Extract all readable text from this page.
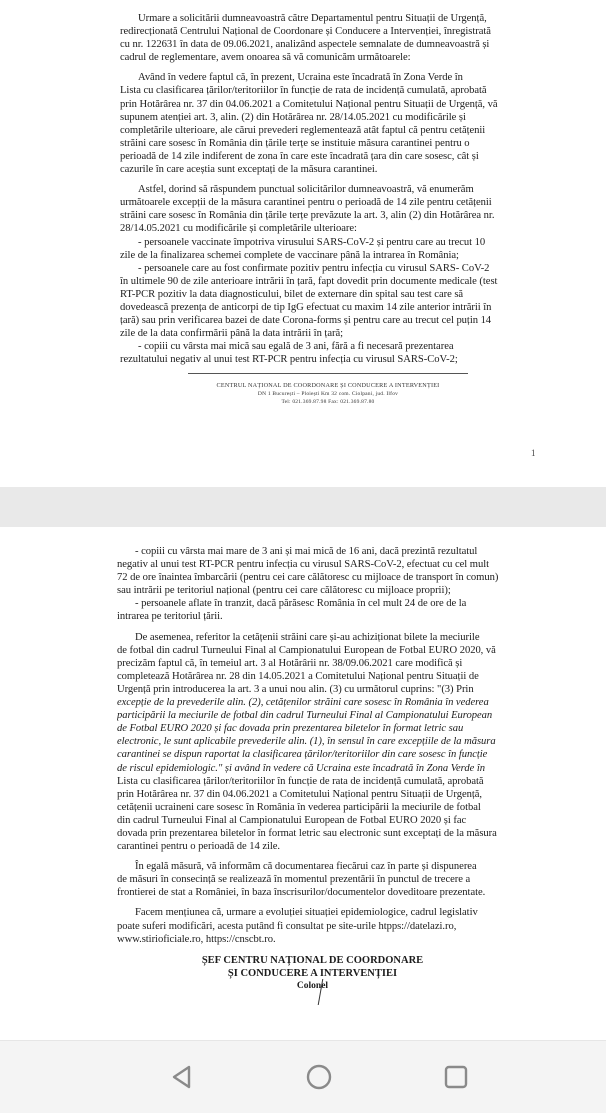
Urmare a solicitării dumneavoastră către Departamentul pentru Situații de Urgență,
redirecționată Centrului Național de Coordonare și Conducere a Intervenției, înregistrată
cu nr. 122631 în data de 09.06.2021, analizând aspectele semnalate de dumneavoastră și
cadrul de reglementare, avem onoarea să vă comunicăm următoarele:
Având în vedere faptul că, în prezent, Ucraina este încadrată în Zona Verde în
Lista cu clasificarea țărilor/teritoriilor în funcție de rata de incidență cumulată, aprobată
prin Hotărârea nr. 37 din 04.06.2021 a Comitetului Național pentru Situații de Urgență, vă
supunem atenției art. 3, alin. (2) din Hotărârea nr. 28/14.05.2021 cu modificările și
completările ulterioare, ale cărui prevederi reglementează atât faptul că pentru cetățenii
străini care sosesc în România din țările terțe se instituie măsura carantinei pentru o
perioadă de 14 zile indiferent de zona în care este încadrată țara din care sosesc, cât și
cazurile în care aceștia sunt exceptați de la măsura carantinei.
Astfel, dorind să răspundem punctual solicitărilor dumneavoastră, vă enumerăm
următoarele excepții de la măsura carantinei pentru o perioadă de 14 zile pentru cetățenii
străini care sosesc în România din țările terțe prevăzute la art. 3, alin (2) din Hotărârea nr.
28/14.05.2021 cu modificările și completările ulterioare:
- persoanele vaccinate împotriva virusului SARS-CoV-2 și pentru care au trecut 10
zile de la finalizarea schemei complete de vaccinare până la intrarea în România;
- persoanele care au fost confirmate pozitiv pentru infecția cu virusul SARS- CoV-2
în ultimele 90 de zile anterioare intrării în țară, fapt dovedit prin documente medicale (test
RT-PCR pozitiv la data diagnosticului, bilet de externare din spital sau test care să
dovedească prezența de anticorpi de tip IgG efectuat cu maxim 14 zile anterior intrării în
țară) sau prin verificarea bazei de date Corona-forms și pentru care au trecut cel puțin 14
zile de la data confirmării până la data intrării în țară;
- copiii cu vârsta mai mică sau egală de 3 ani, fără a fi necesară prezentarea
rezultatului negativ al unui test RT-PCR pentru infecția cu virusul SARS-CoV-2;
CENTRUL NAȚIONAL DE COORDONARE ȘI CONDUCERE A INTERVENȚIEI
DN 1 București – Ploiești Km 32 com. Ciolpani, jud. Ilfov
Tel: 021.369.87.98 Fax: 021.369.87.80
1
- copiii cu vârsta mai mare de 3 ani și mai mică de 16 ani, dacă prezintă rezultatul
negativ al unui test RT-PCR pentru infecția cu virusul SARS-CoV-2, efectuat cu cel mult
72 de ore înaintea îmbarcării (pentru cei care călătoresc cu mijloace de transport în comun)
sau intrării pe teritoriul național (pentru cei care călătoresc cu mijloace proprii);
- persoanele aflate în tranzit, dacă părăsesc România în cel mult 24 de ore de la
intrarea pe teritoriul țării.
De asemenea, referitor la cetățenii străini care și-au achiziționat bilete la meciurile
de fotbal din cadrul Turneului Final al Campionatului European de Fotbal EURO 2020, vă
precizăm faptul că, în temeiul art. 3 al Hotărârii nr. 38/09.06.2021 care modifică și
completează Hotărârea nr. 28 din 14.05.2021 a Comitetului Național pentru Situații de
Urgență prin introducerea la art. 3 a unui nou alin. (3) cu următorul cuprins: "(3) Prin
excepție de la prevederile alin. (2), cetățenilor străini care sosesc în România în vederea
participării la meciurile de fotbal din cadrul Turneului Final al Campionatului European
de Fotbal EURO 2020 și fac dovada prin prezentarea biletelor în format letric sau
electronic, le sunt aplicabile prevederile alin. (1), în sensul în care excepțiile de la măsura
carantinei se dispun raportat la clasificarea țărilor/teritoriilor din care sosesc în funcție
de riscul epidemiologic." și având în vedere că Ucraina este încadrată în Zona Verde în
Lista cu clasificarea țărilor/teritoriilor în funcție de rata de incidență cumulată, aprobată
prin Hotărârea nr. 37 din 04.06.2021 a Comitetului Național pentru Situații de Urgență,
cetățenii ucraineni care sosesc în România în vederea participării la meciurile de fotbal
din cadrul Turneului Final al Campionatului European de Fotbal EURO 2020 și fac
dovada prin prezentarea biletelor în format letric sau electronic sunt exceptați de la măsura
carantinei pentru o perioadă de 14 zile.
În egală măsură, vă informăm că documentarea fiecărui caz în parte și dispunerea
de măsuri în consecință se realizează în momentul prezentării în punctul de trecere a
frontierei de stat a României, în baza înscrisurilor/documentelor doveditoare prezentate.
Facem mențiunea că, urmare a evoluției situației epidemiologice, cadrul legislativ
poate suferi modificări, acesta putând fi consultat pe site-urile htpps://datelazi.ro,
www.stirioficiale.ro, https://cnscbt.ro.
ȘEF CENTRU NAȚIONAL DE COORDONARE
ȘI CONDUCERE A INTERVENȚIEI
Colonel
